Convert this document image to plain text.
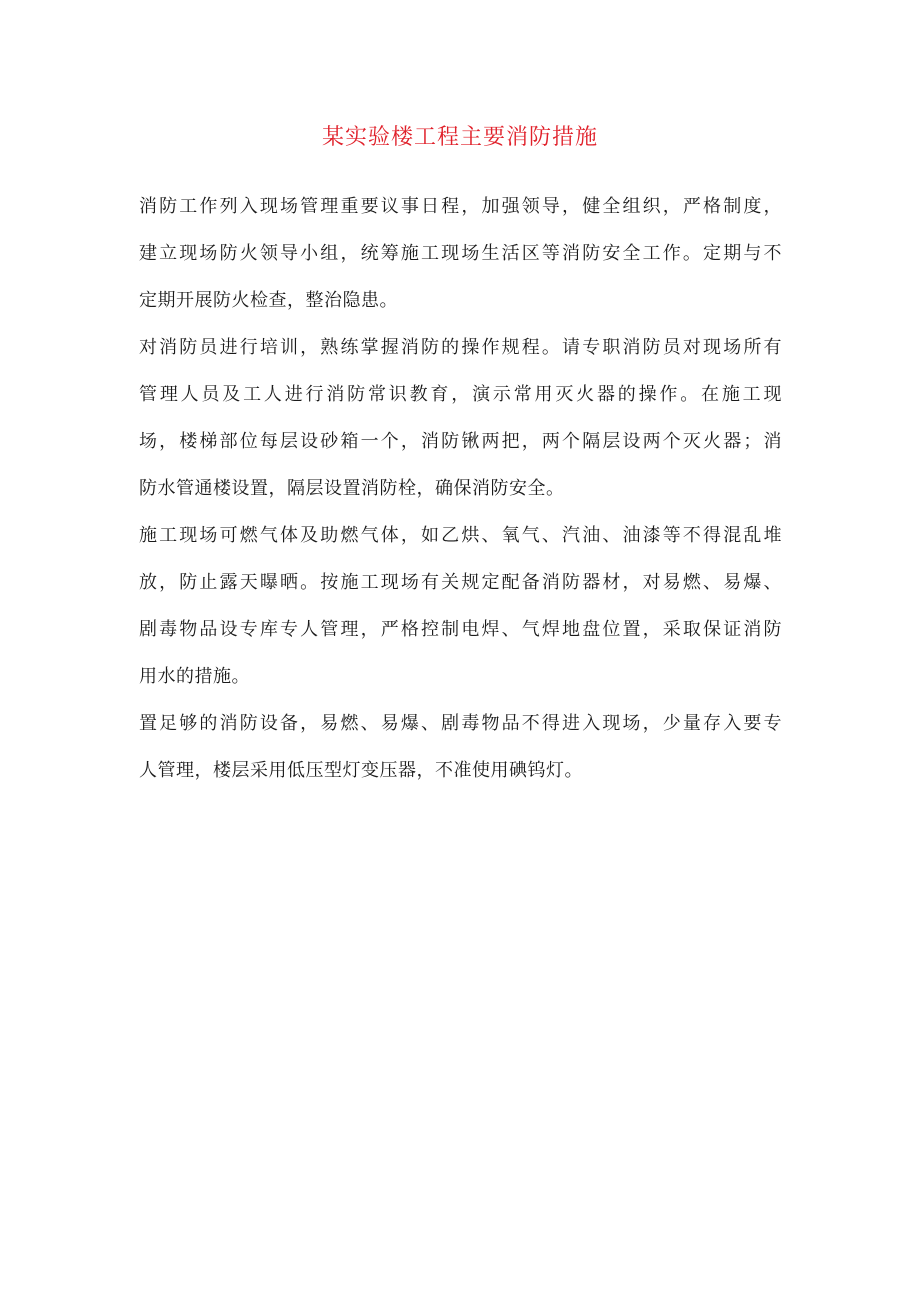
某实验楼工程主要消防措施

消防工作列入现场管理重要议事日程，加强领导，健全组织，严格制度，
建立现场防火领导小组，统筹施工现场生活区等消防安全工作。定期与不
定期开展防火检查，整治隐患。

对消防员进行培训，熟练掌握消防的操作规程。请专职消防员对现场所有
管理人员及工人进行消防常识教育，演示常用灭火器的操作。在施工现
场，楼梯部位每层设砂箱一个，消防锹两把，两个隔层设两个灭火器；消
防水管通楼设置，隔层设置消防栓，确保消防安全。

施工现场可燃气体及助燃气体，如乙烘、氧气、汽油、油漆等不得混乱堆
放，防止露天曝晒。按施工现场有关规定配备消防器材，对易燃、易爆、
剧毒物品设专库专人管理，严格控制电焊、气焊地盘位置，采取保证消防
用水的措施。

置足够的消防设备，易燃、易爆、剧毒物品不得进入现场，少量存入要专
人管理，楼层采用低压型灯变压器，不准使用碘钨灯。
